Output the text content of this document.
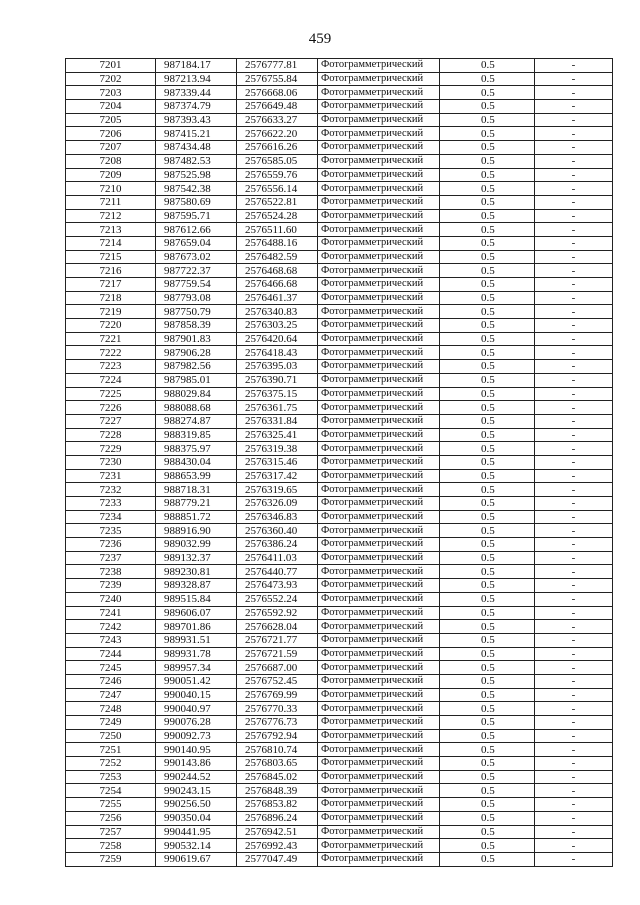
459
7201	987184.17	2576777.81	Фотограмметрический	0.5	-
7202	987213.94	2576755.84	Фотограмметрический	0.5	-
7203	987339.44	2576668.06	Фотограмметрический	0.5	-
7204	987374.79	2576649.48	Фотограмметрический	0.5	-
7205	987393.43	2576633.27	Фотограмметрический	0.5	-
7206	987415.21	2576622.20	Фотограмметрический	0.5	-
7207	987434.48	2576616.26	Фотограмметрический	0.5	-
7208	987482.53	2576585.05	Фотограмметрический	0.5	-
7209	987525.98	2576559.76	Фотограмметрический	0.5	-
7210	987542.38	2576556.14	Фотограмметрический	0.5	-
7211	987580.69	2576522.81	Фотограмметрический	0.5	-
7212	987595.71	2576524.28	Фотограмметрический	0.5	-
7213	987612.66	2576511.60	Фотограмметрический	0.5	-
7214	987659.04	2576488.16	Фотограмметрический	0.5	-
7215	987673.02	2576482.59	Фотограмметрический	0.5	-
7216	987722.37	2576468.68	Фотограмметрический	0.5	-
7217	987759.54	2576466.68	Фотограмметрический	0.5	-
7218	987793.08	2576461.37	Фотограмметрический	0.5	-
7219	987750.79	2576340.83	Фотограмметрический	0.5	-
7220	987858.39	2576303.25	Фотограмметрический	0.5	-
7221	987901.83	2576420.64	Фотограмметрический	0.5	-
7222	987906.28	2576418.43	Фотограмметрический	0.5	-
7223	987982.56	2576395.03	Фотограмметрический	0.5	-
7224	987985.01	2576390.71	Фотограмметрический	0.5	-
7225	988029.84	2576375.15	Фотограмметрический	0.5	-
7226	988088.68	2576361.75	Фотограмметрический	0.5	-
7227	988274.87	2576331.84	Фотограмметрический	0.5	-
7228	988319.85	2576325.41	Фотограмметрический	0.5	-
7229	988375.97	2576319.38	Фотограмметрический	0.5	-
7230	988430.04	2576315.46	Фотограмметрический	0.5	-
7231	988653.99	2576317.42	Фотограмметрический	0.5	-
7232	988718.31	2576319.65	Фотограмметрический	0.5	-
7233	988779.21	2576326.09	Фотограмметрический	0.5	-
7234	988851.72	2576346.83	Фотограмметрический	0.5	-
7235	988916.90	2576360.40	Фотограмметрический	0.5	-
7236	989032.99	2576386.24	Фотограмметрический	0.5	-
7237	989132.37	2576411.03	Фотограмметрический	0.5	-
7238	989230.81	2576440.77	Фотограмметрический	0.5	-
7239	989328.87	2576473.93	Фотограмметрический	0.5	-
7240	989515.84	2576552.24	Фотограмметрический	0.5	-
7241	989606.07	2576592.92	Фотограмметрический	0.5	-
7242	989701.86	2576628.04	Фотограмметрический	0.5	-
7243	989931.51	2576721.77	Фотограмметрический	0.5	-
7244	989931.78	2576721.59	Фотограмметрический	0.5	-
7245	989957.34	2576687.00	Фотограмметрический	0.5	-
7246	990051.42	2576752.45	Фотограмметрический	0.5	-
7247	990040.15	2576769.99	Фотограмметрический	0.5	-
7248	990040.97	2576770.33	Фотограмметрический	0.5	-
7249	990076.28	2576776.73	Фотограмметрический	0.5	-
7250	990092.73	2576792.94	Фотограмметрический	0.5	-
7251	990140.95	2576810.74	Фотограмметрический	0.5	-
7252	990143.86	2576803.65	Фотограмметрический	0.5	-
7253	990244.52	2576845.02	Фотограмметрический	0.5	-
7254	990243.15	2576848.39	Фотограмметрический	0.5	-
7255	990256.50	2576853.82	Фотограмметрический	0.5	-
7256	990350.04	2576896.24	Фотограмметрический	0.5	-
7257	990441.95	2576942.51	Фотограмметрический	0.5	-
7258	990532.14	2576992.43	Фотограмметрический	0.5	-
7259	990619.67	2577047.49	Фотограмметрический	0.5	-
